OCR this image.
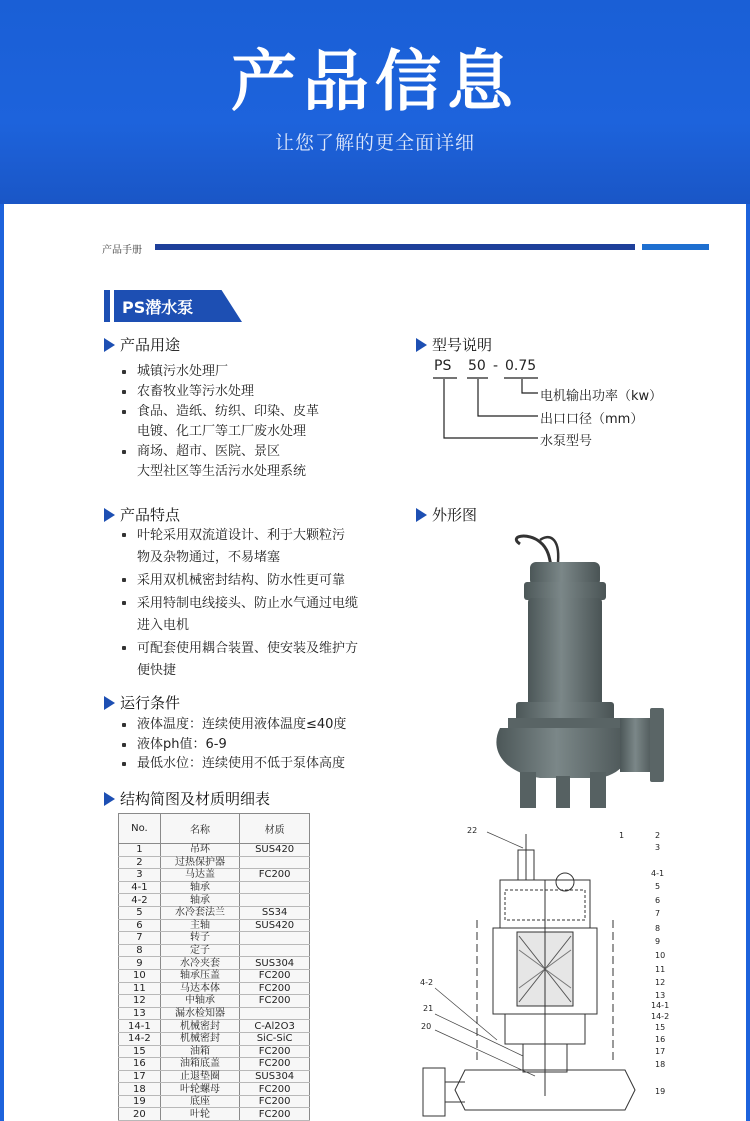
产品信息
让您了解的更全面详细
产品手册
PS潜水泵
产品用途
城镇污水处理厂
农畜牧业等污水处理
食品、造纸、纺织、印染、皮革
电镀、化工厂等工厂废水处理
商场、超市、医院、景区
大型社区等生活污水处理系统
产品特点
叶轮采用双流道设计、利于大颗粒污
物及杂物通过，不易堵塞
采用双机械密封结构、防水性更可靠
采用特制电线接头、防止水气通过电缆
进入电机
可配套使用耦合装置、使安装及维护方
便快捷
运行条件
液体温度：连续使用液体温度≤40度
液体ph值：6-9
最低水位：连续使用不低于泵体高度
结构简图及材质明细表
No.	名称	材质
1	吊环	SUS420
2	过热保护器	
3	马达盖	FC200
4-1	轴承	
4-2	轴承	
5	水冷套法兰	SS34
6	主轴	SUS420
7	转子	
8	定子	
9	水冷夹套	SUS304
10	轴承压盖	FC200
11	马达本体	FC200
12	中轴承	FC200
13	漏水检知器	
14-1	机械密封	C-Al2O3
14-2	机械密封	SiC-SiC
15	油箱	FC200
16	油箱底盖	FC200
17	止退垫圈	SUS304
18	叶轮螺母	FC200
19	底座	FC200
20	叶轮	FC200
型号说明
PS 50 - 0.75
电机输出功率（kw）
出口口径（mm）
水泵型号
外形图
22
4-2
21
20
1	2
3
4-1
5
6
7
8
9
10
11
12
13
14-1
14-2
15
16
17
18
19
